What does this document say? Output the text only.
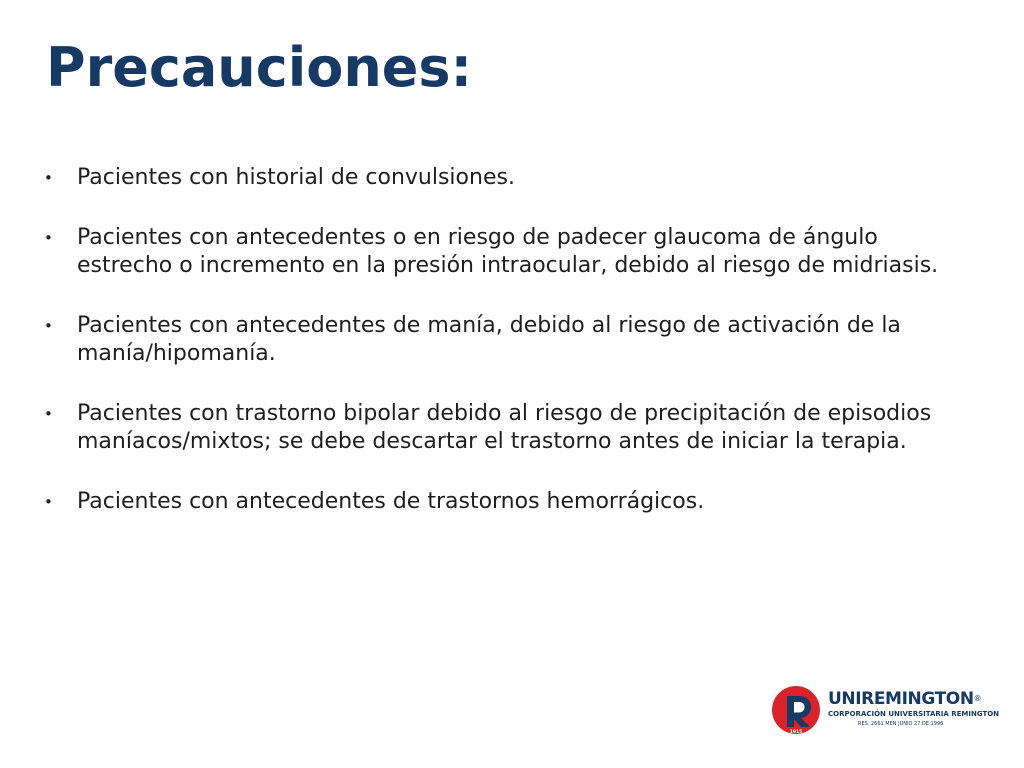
Precauciones:
• Pacientes con historial de convulsiones.
• Pacientes con antecedentes o en riesgo de padecer glaucoma de ángulo estrecho o incremento en la presión intraocular, debido al riesgo de midriasis.
• Pacientes con antecedentes de manía, debido al riesgo de activación de la manía/hipomanía.
• Pacientes con trastorno bipolar debido al riesgo de precipitación de episodios maníacos/mixtos; se debe descartar el trastorno antes de iniciar la terapia.
• Pacientes con antecedentes de trastornos hemorrágicos.
1915
UNIREMINGTON®
CORPORACIÓN UNIVERSITARIA REMINGTON
RES. 2661 MEN JUNIO 27 DE 1996
